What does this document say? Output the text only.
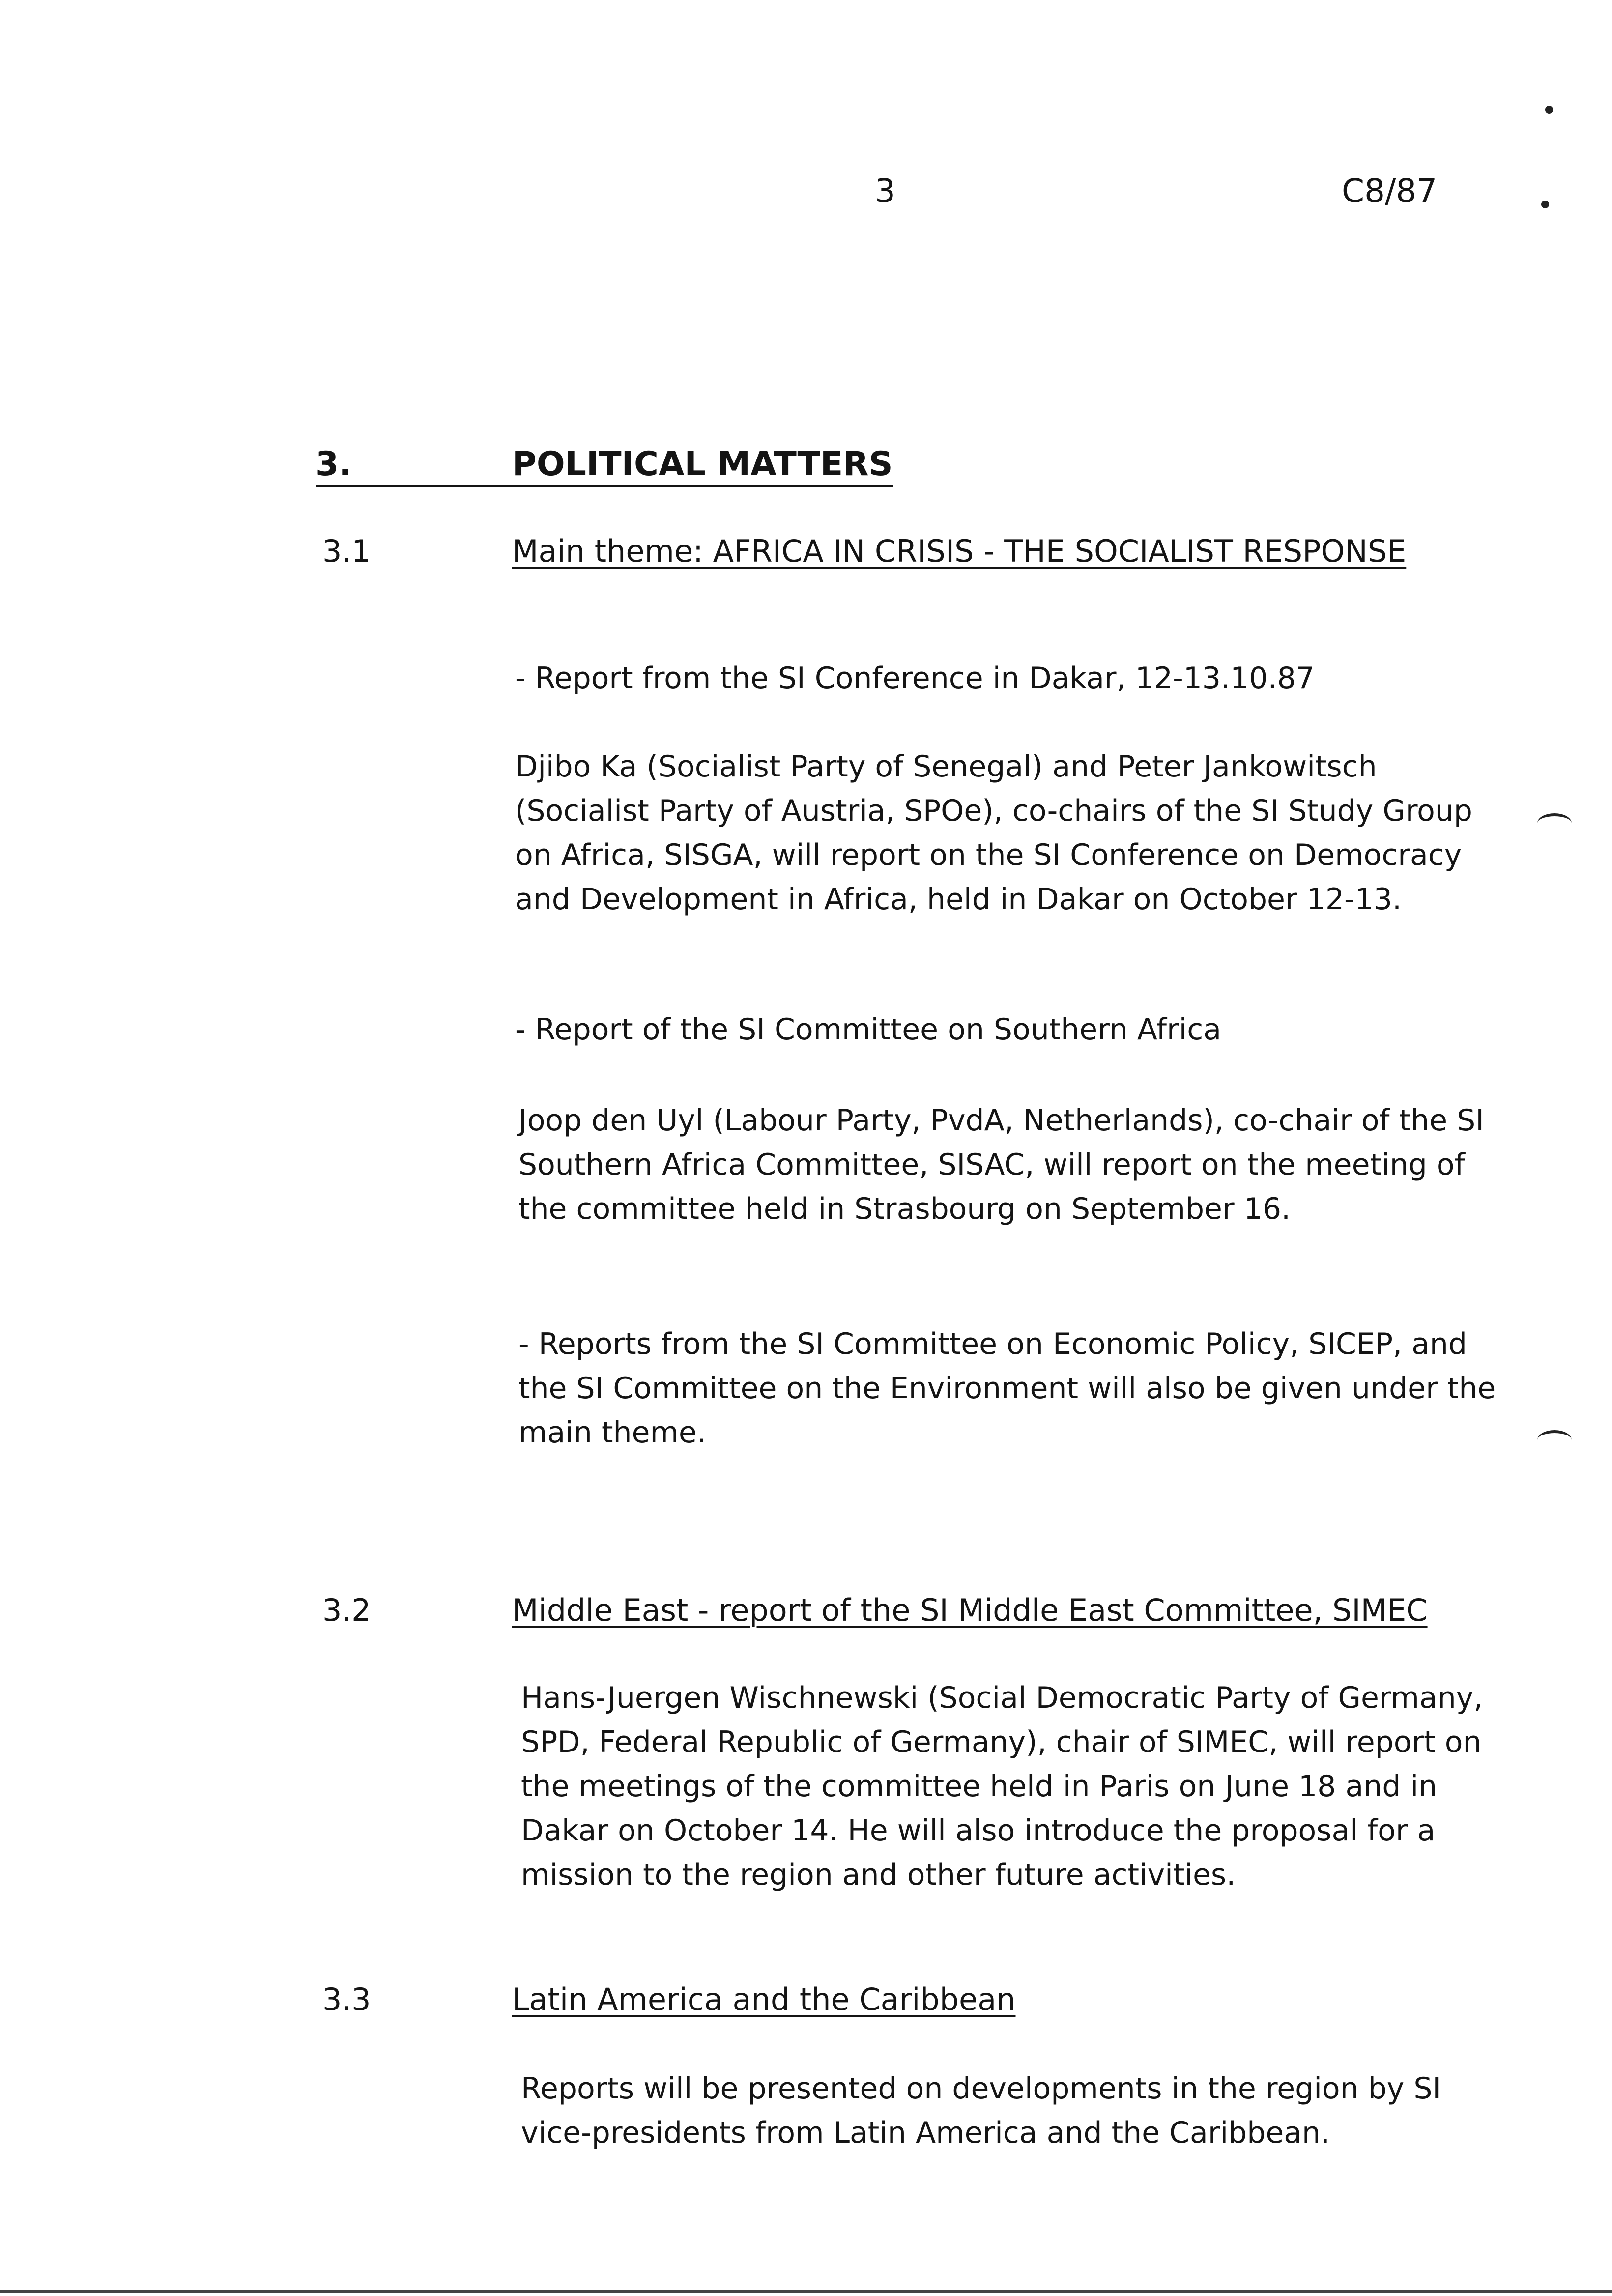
3	C8/87
3.	POLITICAL MATTERS
3.1	Main theme: AFRICA IN CRISIS - THE SOCIALIST RESPONSE
- Report from the SI Conference in Dakar, 12-13.10.87

Djibo Ka (Socialist Party of Senegal) and Peter Jankowitsch (Socialist Party of Austria, SPOe), co-chairs of the SI Study Group on Africa, SISGA, will report on the SI Conference on Democracy and Development in Africa, held in Dakar on October 12-13.

- Report of the SI Committee on Southern Africa

Joop den Uyl (Labour Party, PvdA, Netherlands), co-chair of the SI Southern Africa Committee, SISAC, will report on the meeting of the committee held in Strasbourg on September 16.

- Reports from the SI Committee on Economic Policy, SICEP, and the SI Committee on the Environment will also be given under the main theme.

3.2	Middle East - report of the SI Middle East Committee, SIMEC

Hans-Juergen Wischnewski (Social Democratic Party of Germany, SPD, Federal Republic of Germany), chair of SIMEC, will report on the meetings of the committee held in Paris on June 18 and in Dakar on October 14. He will also introduce the proposal for a mission to the region and other future activities.

3.3	Latin America and the Caribbean

Reports will be presented on developments in the region by SI vice-presidents from Latin America and the Caribbean.
